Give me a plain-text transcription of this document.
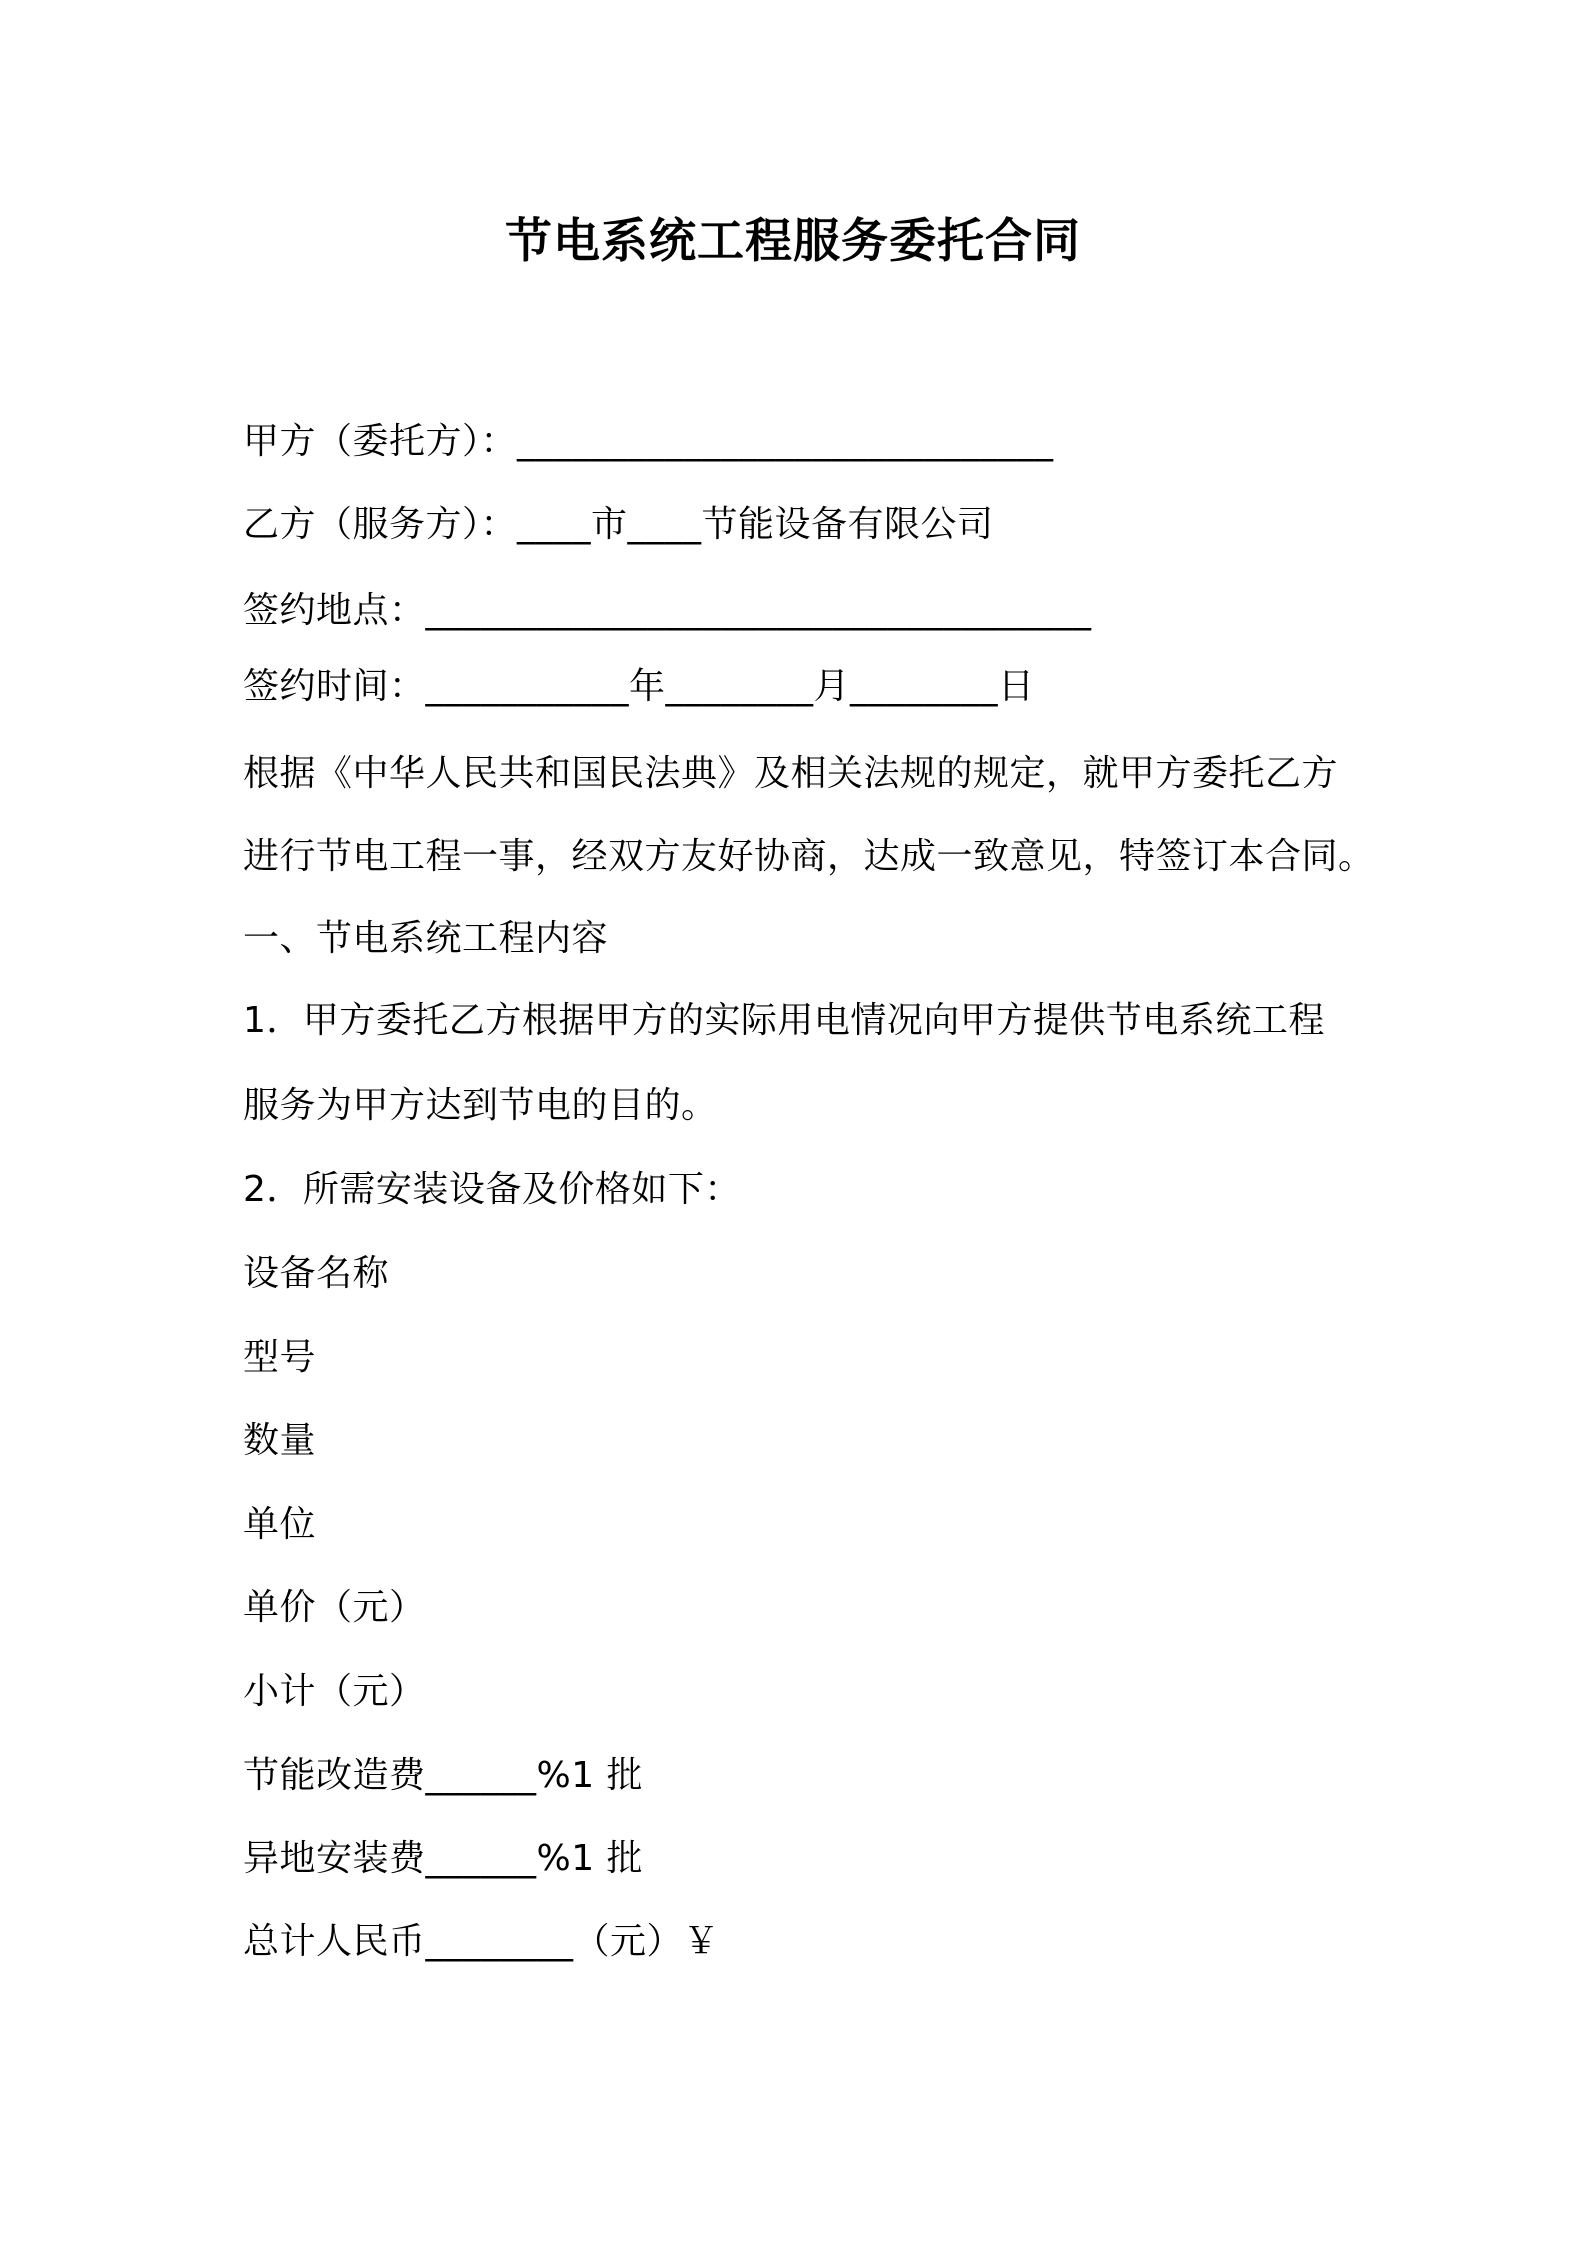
节电系统工程服务委托合同
甲方（委托方）：_____________________________
乙方（服务方）：____市____节能设备有限公司
签约地点：____________________________________
签约时间：___________年________月________日
根据《中华人民共和国民法典》及相关法规的规定，就甲方委托乙方
进行节电工程一事，经双方友好协商，达成一致意见，特签订本合同。
一、节电系统工程内容
1．甲方委托乙方根据甲方的实际用电情况向甲方提供节电系统工程
服务为甲方达到节电的目的。
2．所需安装设备及价格如下：
设备名称
型号
数量
单位
单价（元）
小计（元）
节能改造费______%1 批
异地安装费______%1 批
总计人民币________（元）￥
